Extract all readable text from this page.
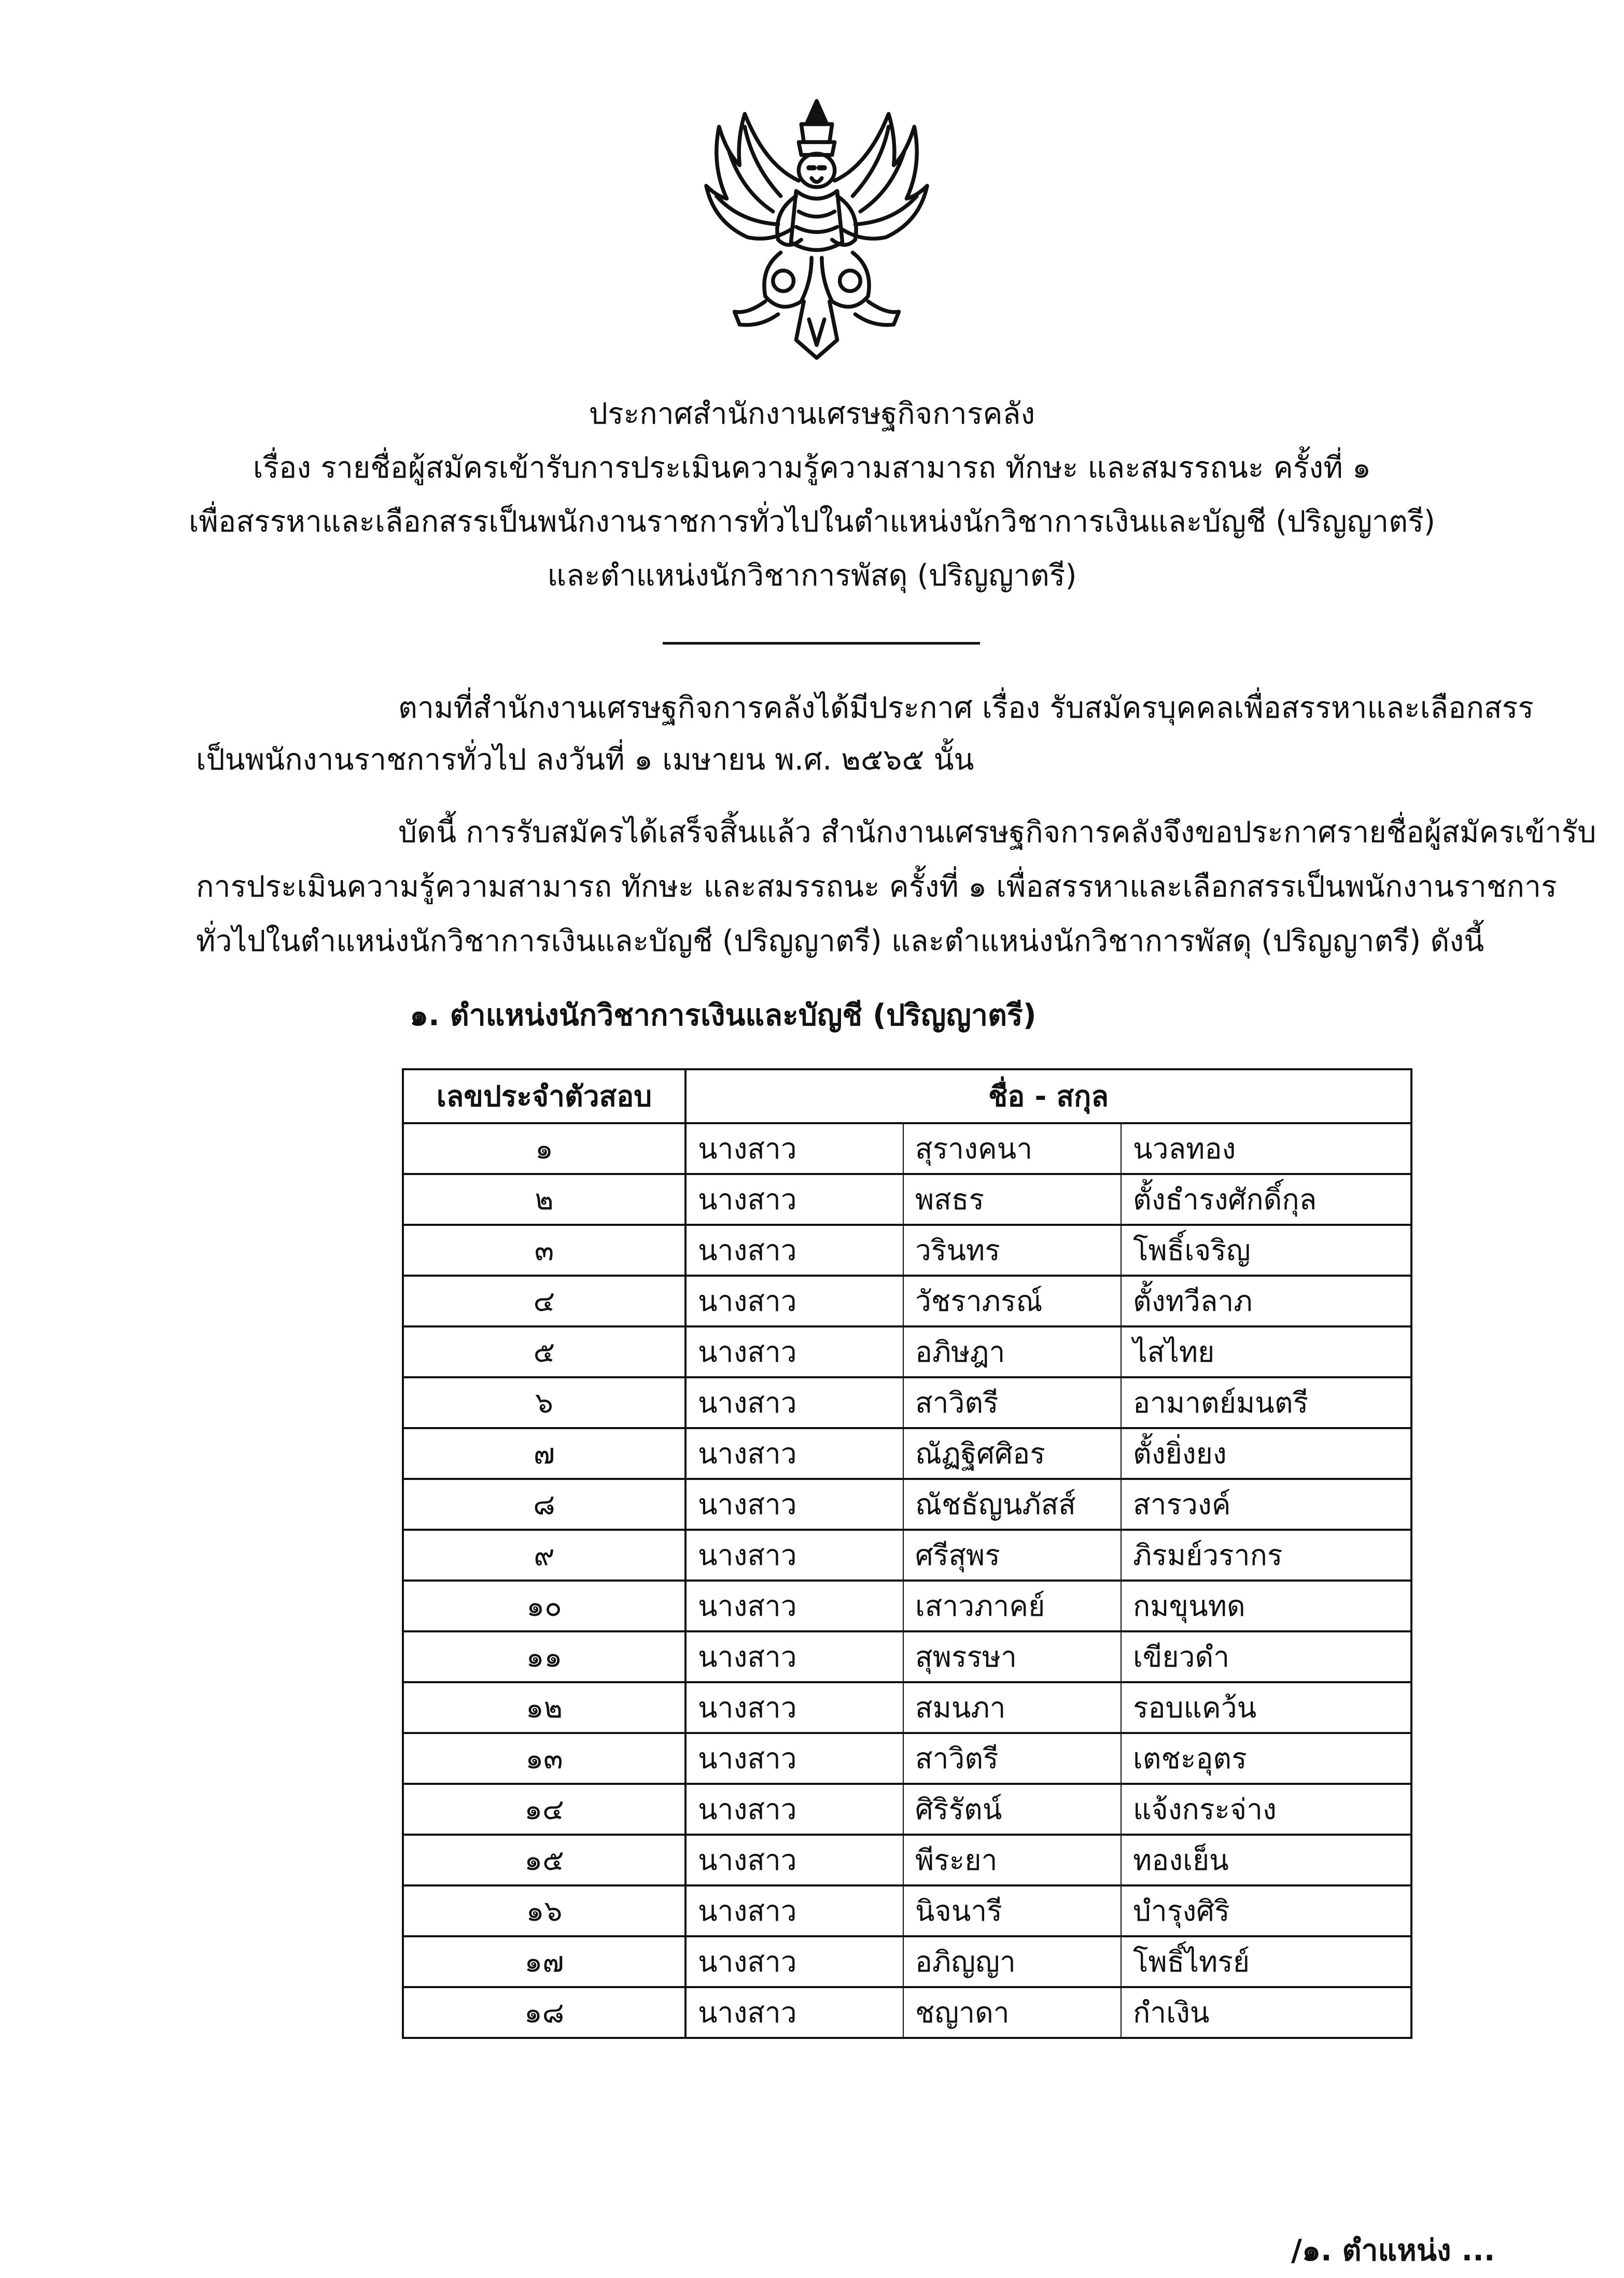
ประกาศสำนักงานเศรษฐกิจการคลัง
เรื่อง รายชื่อผู้สมัครเข้ารับการประเมินความรู้ความสามารถ ทักษะ และสมรรถนะ ครั้งที่ ๑
เพื่อสรรหาและเลือกสรรเป็นพนักงานราชการทั่วไปในตำแหน่งนักวิชาการเงินและบัญชี (ปริญญาตรี)
และตำแหน่งนักวิชาการพัสดุ (ปริญญาตรี)
ตามที่สำนักงานเศรษฐกิจการคลังได้มีประกาศ เรื่อง รับสมัครบุคคลเพื่อสรรหาและเลือกสรร
เป็นพนักงานราชการทั่วไป ลงวันที่ ๑ เมษายน พ.ศ. ๒๕๖๕ นั้น
บัดนี้ การรับสมัครได้เสร็จสิ้นแล้ว สำนักงานเศรษฐกิจการคลังจึงขอประกาศรายชื่อผู้สมัครเข้ารับ
การประเมินความรู้ความสามารถ ทักษะ และสมรรถนะ ครั้งที่ ๑ เพื่อสรรหาและเลือกสรรเป็นพนักงานราชการ
ทั่วไปในตำแหน่งนักวิชาการเงินและบัญชี (ปริญญาตรี) และตำแหน่งนักวิชาการพัสดุ (ปริญญาตรี) ดังนี้
๑. ตำแหน่งนักวิชาการเงินและบัญชี (ปริญญาตรี)
เลขประจำตัวสอบ	ชื่อ - สกุล		
๑	นางสาว	สุรางคนา	นวลทอง
๒	นางสาว	พสธร	ตั้งธำรงศักดิ์กุล
๓	นางสาว	วรินทร	โพธิ์เจริญ
๔	นางสาว	วัชราภรณ์	ตั้งทวีลาภ
๕	นางสาว	อภิษฎา	ไสไทย
๖	นางสาว	สาวิตรี	อามาตย์มนตรี
๗	นางสาว	ณัฏฐิศศิอร	ตั้งยิ่งยง
๘	นางสาว	ณัชธัญนภัสส์	สารวงค์
๙	นางสาว	ศรีสุพร	ภิรมย์วรากร
๑๐	นางสาว	เสาวภาคย์	กมขุนทด
๑๑	นางสาว	สุพรรษา	เขียวดำ
๑๒	นางสาว	สมนภา	รอบแคว้น
๑๓	นางสาว	สาวิตรี	เตชะอุตร
๑๔	นางสาว	ศิริรัตน์	แจ้งกระจ่าง
๑๕	นางสาว	พีระยา	ทองเย็น
๑๖	นางสาว	นิจนารี	บำรุงศิริ
๑๗	นางสาว	อภิญญา	โพธิ์ไทรย์
๑๘	นางสาว	ชญาดา	กำเงิน
/๑. ตำแหน่ง ...
